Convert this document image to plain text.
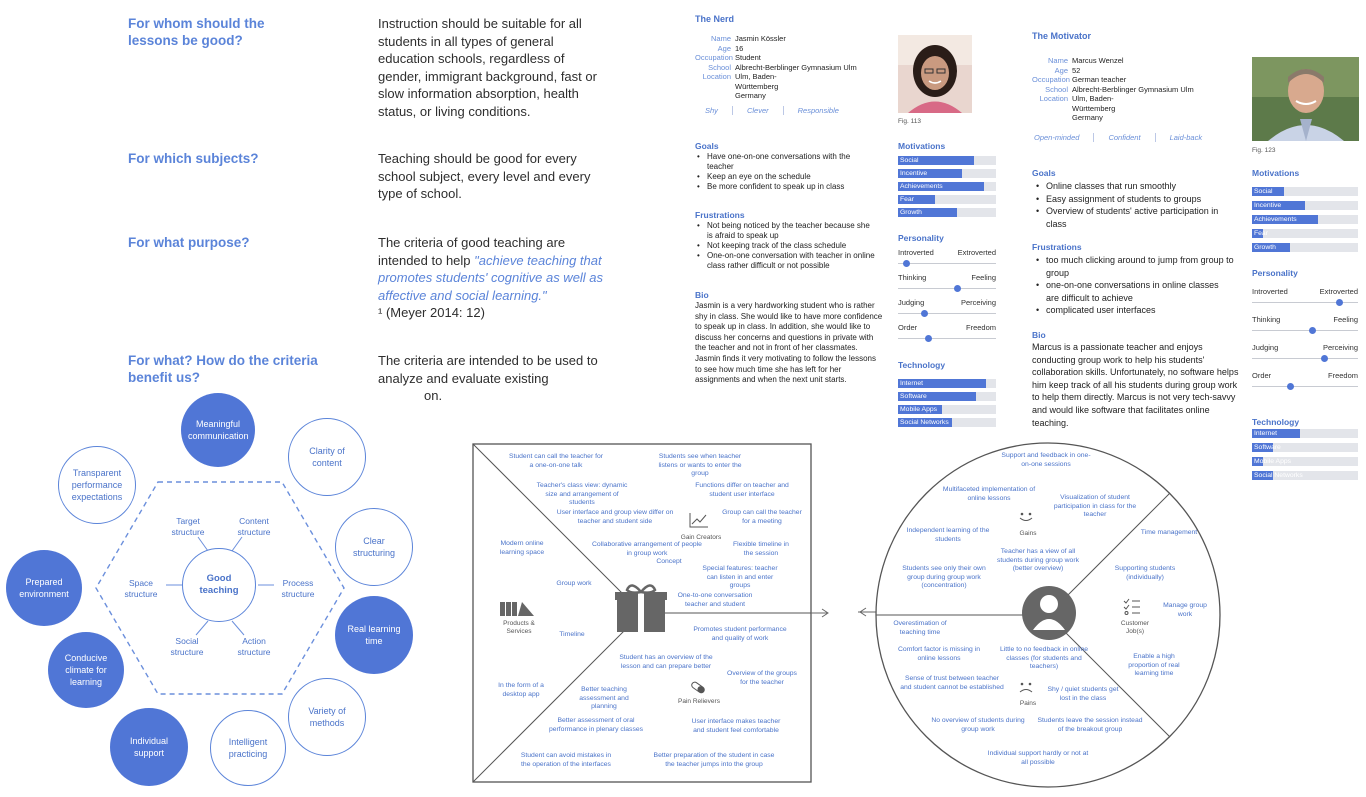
For whom should the lessons be good?
Instruction should be suitable for all students in all types of general education schools, regardless of gender, immigrant background, fast or slow information absorption, health status, or living conditions.
For which subjects?	Teaching should be good for every school subject, every level and every type of school.
For what purpose?	The criteria of good teaching are intended to help "achieve teaching that promotes students' cognitive as well as affective and social learning."
¹ (Meyer 2014: 12)
For what? How do the criteria benefit us?
The criteria are intended to be used to analyze and evaluate existing
on.
The Nerd
Name Jasmin Kössler
Age 16
Occupation Student
School Albrecht-Berblinger Gymnasium Ulm
Location Ulm, Baden-Württemberg Germany
Shy	Clever	Responsible
Fig. 113
Goals
• Have one-on-one conversations with the teacher
• Keep an eye on the schedule
• Be more confident to speak up in class
Frustrations
• Not being noticed by the teacher because she is afraid to speak up
• Not keeping track of the class schedule
• One-on-one conversation with teacher in online class rather difficult or not possible
Bio
Jasmin is a very hardworking student who is rather shy in class. She would like to have more confidence to speak up in class. In addition, she would like to discuss her concerns and questions in private with the teacher and not in front of her classmates. Jasmin finds it very motivating to follow the lessons to see how much time she has left for her assignments and when the next unit starts.
Motivations
Social
Incentive
Achievements
Fear
Growth
Personality
Introverted	Extroverted
Thinking	Feeling
Judging	Perceiving
Order	Freedom
Technology
Internet
Software
Mobile Apps
Social Networks
The Motivator
Name Marcus Wenzel
Age 52
Occupation German teacher
School Albrecht-Berblinger Gymnasium Ulm
Location Ulm, Baden-Württemberg Germany
Open-minded	Confident	Laid-back
Fig. 123
Goals
• Online classes that run smoothly
• Easy assignment of students to groups
• Overview of students' active participation in class
Frustrations
• too much clicking around to jump from group to group
• one-on-one conversations in online classes are difficult to achieve
• complicated user interfaces
Bio
Marcus is a passionate teacher and enjoys conducting group work to help his students' collaboration skills. Unfortunately, no software helps him keep track of all his students during group work to help them directly. Marcus is not very tech-savvy and would like software that facilitates online teaching.
Motivations
Social
Incentive
Achievements
Fear
Growth
Personality
Introverted	Extroverted
Thinking	Feeling
Judging	Perceiving
Order	Freedom
Technology
Internet
Software
Mobile Apps
Social Networks
Good teaching
Target structure
Content structure
Process structure
Action structure
Social structure
Space structure
Meaningful communication
Clarity of content
Clear structuring
Real learning time
Variety of methods
Intelligent practicing
Individual support
Conducive climate for learning
Prepared environment
Transparent performance expectations
Gain Creators
Products & Services
Pain Relievers
Student can call the teacher for a one-on-one talk
Students see when teacher listens or wants to enter the group
Teacher's class view: dynamic size and arrangement of students
Functions differ on teacher and student user interface
User interface and group view differ on teacher and student side
Group can call the teacher for a meeting
Modern online learning space
Collaborative arrangement of people in group work
Concept
Flexible timeline in the session
Special features: teacher can listen in and enter groups
Group work
One-to-one conversation teacher and student
Timeline
Promotes student performance and quality of work
Student has an overview of the lesson and can prepare better
Overview of the groups for the teacher
In the form of a desktop app
Better teaching assessment and planning
Better assessment of oral performance in plenary classes
User interface makes teacher and student feel comfortable
Student can avoid mistakes in the operation of the interfaces
Better preparation of the student in case the teacher jumps into the group
Gains
Customer Job(s)
Pains
Support and feedback in one-on-one sessions
Multifaceted implementation of online lessons	Visualization of student participation in class for the teacher
Independent learning of the students
Time management
Teacher has a view of all students during group work (better overview)
Students see only their own group during group work (concentration)
Supporting students (individually)
Manage group work
Overestimation of teaching time
Comfort factor is missing in online lessons
Little to no feedback in online classes (for students and teachers)
Enable a high proportion of real learning time
Sense of trust between teacher and student cannot be established	Shy / quiet students get lost in the class
No overview of students during group work
Students leave the session instead of the breakout group
Individual support hardly or not at all possible
